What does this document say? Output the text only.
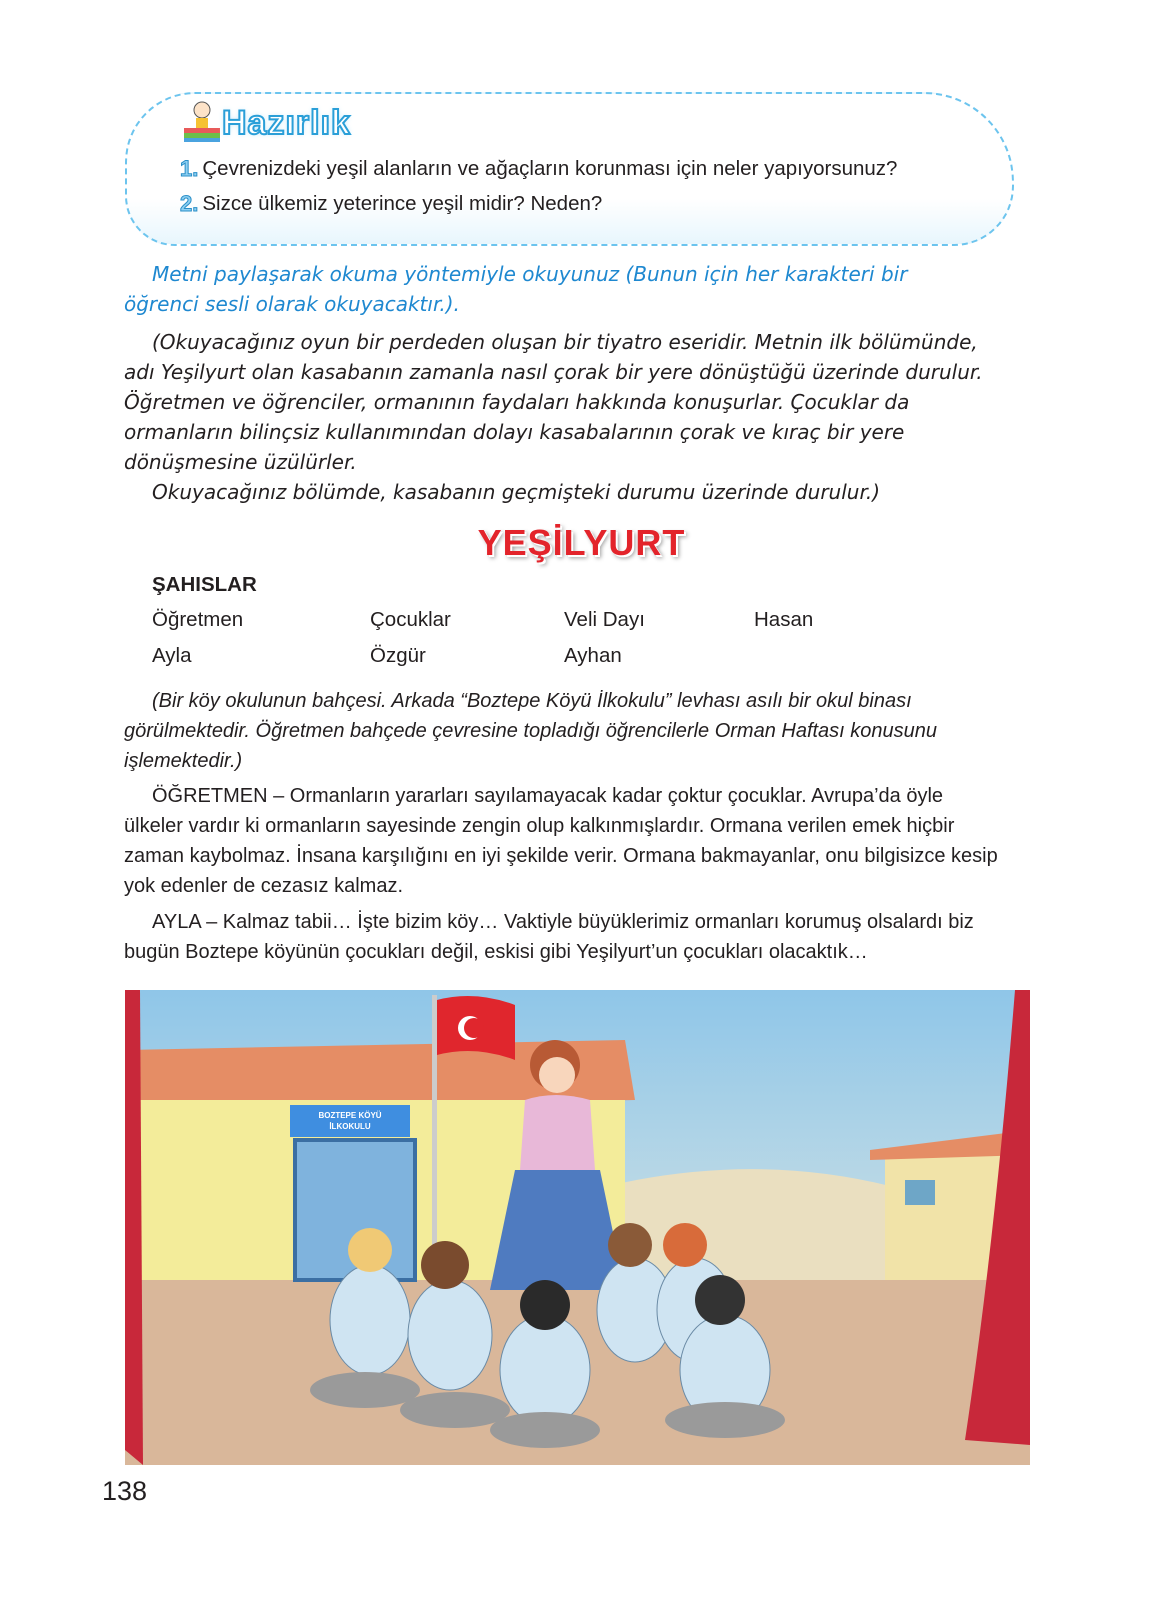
Hazırlık
1. Çevrenizdeki yeşil alanların ve ağaçların korunması için neler yapıyorsunuz?
2. Sizce ülkemiz yeterince yeşil midir? Neden?
Metni paylaşarak okuma yöntemiyle okuyunuz (Bunun için her karakteri bir öğrenci sesli olarak okuyacaktır.).
(Okuyacağınız oyun bir perdeden oluşan bir tiyatro eseridir. Metnin ilk bölümünde, adı Yeşilyurt olan kasabanın zamanla nasıl çorak bir yere dönüştüğü üzerinde durulur. Öğretmen ve öğrenciler, ormanının faydaları hakkında konuşurlar. Çocuklar da ormanların bilinçsiz kullanımından dolayı kasabalarının çorak ve kıraç bir yere dönüşmesine üzülürler.
Okuyacağınız bölümde, kasabanın geçmişteki durumu üzerinde durulur.)
YEŞİLYURT
ŞAHISLAR
Öğretmen	Çocuklar	Veli Dayı	Hasan
Ayla	Özgür	Ayhan	
(Bir köy okulunun bahçesi. Arkada “Boztepe Köyü İlkokulu” levhası asılı bir okul binası görülmektedir. Öğretmen bahçede çevresine topladığı öğrencilerle Orman Haftası konusunu işlemektedir.)
ÖĞRETMEN – Ormanların yararları sayılamayacak kadar çoktur çocuklar. Avrupa’da öyle ülkeler vardır ki ormanların sayesinde zengin olup kalkınmışlardır. Ormana verilen emek hiçbir zaman kaybolmaz. İnsana karşılığını en iyi şekilde verir. Ormana bakmayanlar, onu bilgisizce kesip yok edenler de cezasız kalmaz.
AYLA – Kalmaz tabii… İşte bizim köy… Vaktiyle büyüklerimiz ormanları korumuş olsalardı biz bugün Boztepe köyünün çocukları değil, eskisi gibi Yeşilyurt’un çocukları olacaktık…
BOZTEPE KÖYÜ
İLKOKULU
138
